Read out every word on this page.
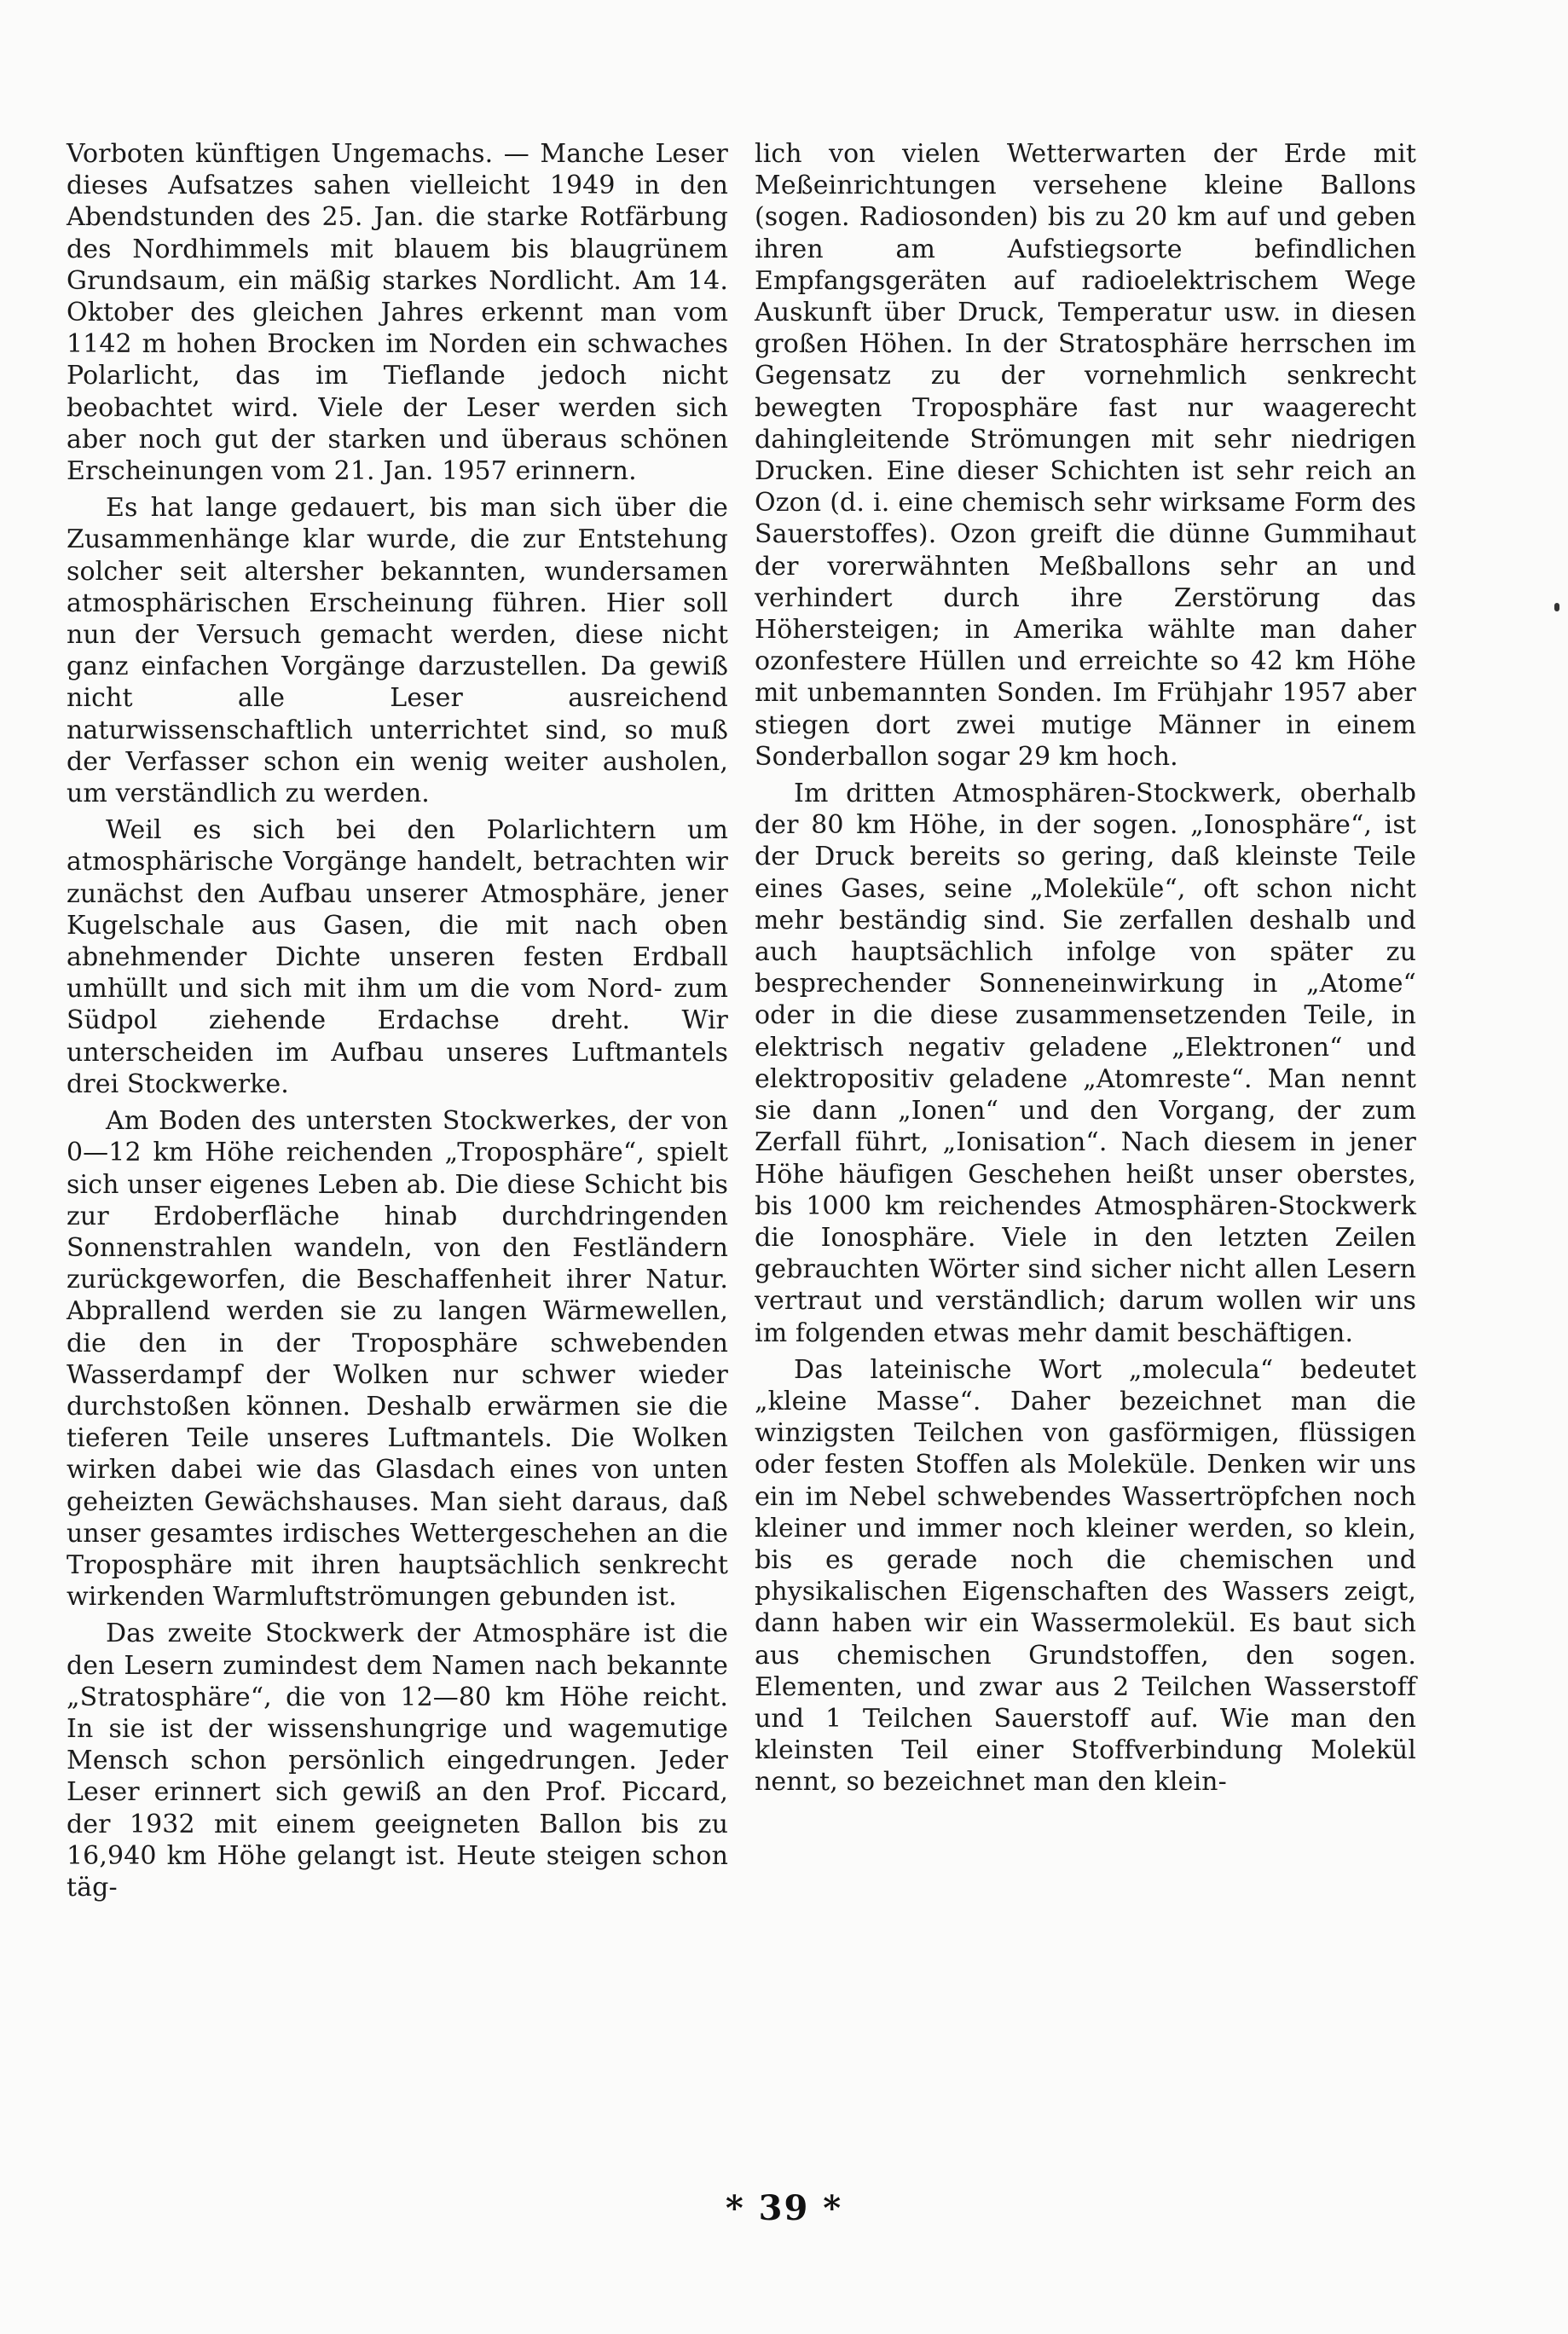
Vorboten künftigen Ungemachs. — Manche Leser dieses Aufsatzes sahen vielleicht 1949 in den Abendstunden des 25. Jan. die starke Rotfärbung des Nordhimmels mit blauem bis blaugrünem Grundsaum, ein mäßig starkes Nordlicht. Am 14. Oktober des gleichen Jahres erkennt man vom 1142 m hohen Brocken im Norden ein schwaches Polarlicht, das im Tieflande jedoch nicht beobachtet wird. Viele der Leser werden sich aber noch gut der starken und überaus schönen Erscheinungen vom 21. Jan. 1957 erinnern.

Es hat lange gedauert, bis man sich über die Zusammenhänge klar wurde, die zur Entstehung solcher seit altersher bekannten, wundersamen atmosphärischen Erscheinung führen. Hier soll nun der Versuch gemacht werden, diese nicht ganz einfachen Vorgänge darzustellen. Da gewiß nicht alle Leser ausreichend naturwissenschaftlich unterrichtet sind, so muß der Verfasser schon ein wenig weiter ausholen, um verständlich zu werden.

Weil es sich bei den Polarlichtern um atmosphärische Vorgänge handelt, betrachten wir zunächst den Aufbau unserer Atmosphäre, jener Kugelschale aus Gasen, die mit nach oben abnehmender Dichte unseren festen Erdball umhüllt und sich mit ihm um die vom Nord- zum Südpol ziehende Erdachse dreht. Wir unterscheiden im Aufbau unseres Luftmantels drei Stockwerke.

Am Boden des untersten Stockwerkes, der von 0—12 km Höhe reichenden „Troposphäre“, spielt sich unser eigenes Leben ab. Die diese Schicht bis zur Erdoberfläche hinab durchdringenden Sonnenstrahlen wandeln, von den Festländern zurückgeworfen, die Beschaffenheit ihrer Natur. Abprallend werden sie zu langen Wärmewellen, die den in der Troposphäre schwebenden Wasserdampf der Wolken nur schwer wieder durchstoßen können. Deshalb erwärmen sie die tieferen Teile unseres Luftmantels. Die Wolken wirken dabei wie das Glasdach eines von unten geheizten Gewächshauses. Man sieht daraus, daß unser gesamtes irdisches Wettergeschehen an die Troposphäre mit ihren hauptsächlich senkrecht wirkenden Warmluftströmungen gebunden ist.

Das zweite Stockwerk der Atmosphäre ist die den Lesern zumindest dem Namen nach bekannte „Stratosphäre“, die von 12—80 km Höhe reicht. In sie ist der wissenshungrige und wagemutige Mensch schon persönlich eingedrungen. Jeder Leser erinnert sich gewiß an den Prof. Piccard, der 1932 mit einem geeigneten Ballon bis zu 16,940 km Höhe gelangt ist. Heute steigen schon täg-

lich von vielen Wetterwarten der Erde mit Meßeinrichtungen versehene kleine Ballons (sogen. Radiosonden) bis zu 20 km auf und geben ihren am Aufstiegsorte befindlichen Empfangsgeräten auf radioelektrischem Wege Auskunft über Druck, Temperatur usw. in diesen großen Höhen. In der Stratosphäre herrschen im Gegensatz zu der vornehmlich senkrecht bewegten Troposphäre fast nur waagerecht dahingleitende Strömungen mit sehr niedrigen Drucken. Eine dieser Schichten ist sehr reich an Ozon (d. i. eine chemisch sehr wirksame Form des Sauerstoffes). Ozon greift die dünne Gummihaut der vorerwähnten Meßballons sehr an und verhindert durch ihre Zerstörung das Höhersteigen; in Amerika wählte man daher ozonfestere Hüllen und erreichte so 42 km Höhe mit unbemannten Sonden. Im Frühjahr 1957 aber stiegen dort zwei mutige Männer in einem Sonderballon sogar 29 km hoch.

Im dritten Atmosphären-Stockwerk, oberhalb der 80 km Höhe, in der sogen. „Ionosphäre“, ist der Druck bereits so gering, daß kleinste Teile eines Gases, seine „Moleküle“, oft schon nicht mehr beständig sind. Sie zerfallen deshalb und auch hauptsächlich infolge von später zu besprechender Sonneneinwirkung in „Atome“ oder in die diese zusammensetzenden Teile, in elektrisch negativ geladene „Elektronen“ und elektropositiv geladene „Atomreste“. Man nennt sie dann „Ionen“ und den Vorgang, der zum Zerfall führt, „Ionisation“. Nach diesem in jener Höhe häufigen Geschehen heißt unser oberstes, bis 1000 km reichendes Atmosphären-Stockwerk die Ionosphäre. Viele in den letzten Zeilen gebrauchten Wörter sind sicher nicht allen Lesern vertraut und verständlich; darum wollen wir uns im folgenden etwas mehr damit beschäftigen.

Das lateinische Wort „molecula“ bedeutet „kleine Masse“. Daher bezeichnet man die winzigsten Teilchen von gasförmigen, flüssigen oder festen Stoffen als Moleküle. Denken wir uns ein im Nebel schwebendes Wassertröpfchen noch kleiner und immer noch kleiner werden, so klein, bis es gerade noch die chemischen und physikalischen Eigenschaften des Wassers zeigt, dann haben wir ein Wassermolekül. Es baut sich aus chemischen Grundstoffen, den sogen. Elementen, und zwar aus 2 Teilchen Wasserstoff und 1 Teilchen Sauerstoff auf. Wie man den kleinsten Teil einer Stoffverbindung Molekül nennt, so bezeichnet man den klein-

* 39 *
